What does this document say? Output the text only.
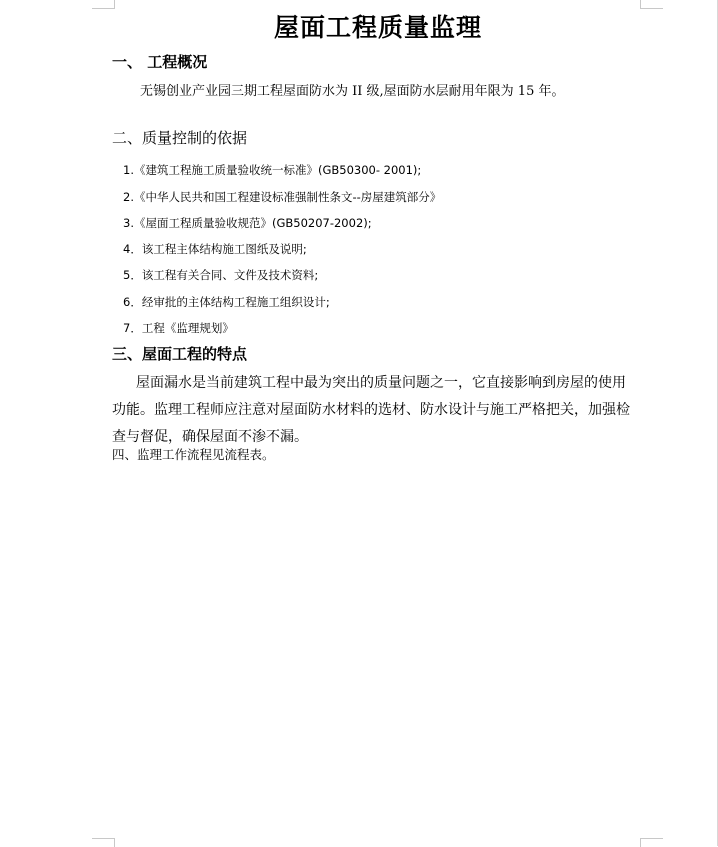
屋面工程质量监理
一、 工程概况
无锡创业产业园三期工程屋面防水为 II 级,屋面防水层耐用年限为 15 年。
二、质量控制的依据
1.《建筑工程施工质量验收统一标准》(GB50300- 2001);
2.《中华人民共和国工程建设标准强制性条文--房屋建筑部分》
3.《屋面工程质量验收规范》(GB50207-2002);
4．该工程主体结构施工图纸及说明;
5．该工程有关合同、文件及技术资料;
6．经审批的主体结构工程施工组织设计;
7．工程《监理规划》
三、屋面工程的特点
屋面漏水是当前建筑工程中最为突出的质量问题之一，它直接影响到房屋的使用
功能。监理工程师应注意对屋面防水材料的选材、防水设计与施工严格把关，加强检
查与督促，确保屋面不渗不漏。
四、监理工作流程见流程表。
